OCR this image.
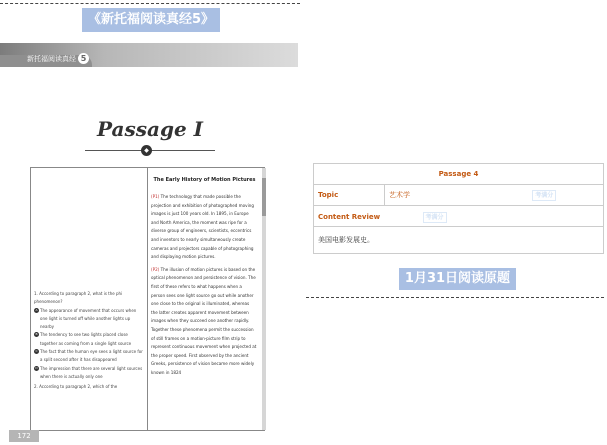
《新托福阅读真经5》
新托福阅读真经 5
Passage I
◆
1. According to paragraph 2, what is the phi phenomenon?
A The appearance of movement that occurs when one light is turned off while another lights up nearby
B The tendency to see two lights placed close together as coming from a single light source
C The fact that the human eye sees a light source for a split second after it has disappeared
D The impression that there are several light sources when there is actually only one
2. According to paragraph 2, which of the
The Early History of Motion Pictures
(P1) The technology that made possible the projection and exhibition of photographed moving images is just 100 years old. In 1895, in Europe and North America, the moment was ripe for a diverse group of engineers, scientists, eccentrics and inventors to nearly simultaneously create cameras and projectors capable of photographing and displaying motion pictures.
(P2) The illusion of motion pictures is based on the optical phenomenon and persistence of vision. The first of these refers to what happens when a person sees one light source go out while another one close to the original is illuminated, whereas the latter creates apparent movement between images when they succeed one another rapidly. Together these phenomena permit the succession of still frames on a motion-picture film strip to represent continuous movement when projected at the proper speed. First observed by the ancient Greeks, persistence of vision became more widely known in 1824
172
Passage 4
Topic	艺术学	考满分
Content Review	考满分
美国电影发展史。
1月31日阅读原题
